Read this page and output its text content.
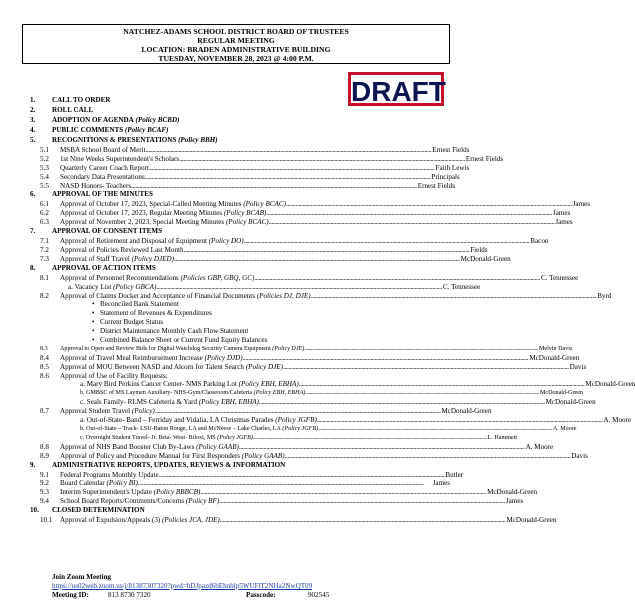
NATCHEZ-ADAMS SCHOOL DISTRICT BOARD OF TRUSTEES
REGULAR MEETING
LOCATION: BRADEN ADMINISTRATIVE BUILDING
TUESDAY, NOVEMBER 28, 2023 @ 4:00 P.M.
DRAFT
1.	CALL TO ORDER
2.	ROLL CALL
3.	ADOPTION OF AGENDA (Policy BCBD)
4.	PUBLIC COMMENTS (Policy BCAF)
5.	RECOGNITIONS & PRESENTATIONS (Policy BBH)
5.1	MSBA School Board of Merit .....	Ernest Fields
5.2	1st Nine Weeks Superintendent's Scholars .....	Ernest Fields
5.3	Quarterly Career Coach Report .....	Faith Lewis
5.4	Secondary Data Presentations .....	Principals
5.5	NASD Honors- Teachers .....	Ernest Fields
6.	APPROVAL OF THE MINUTES
6.1	Approval of October 17, 2023, Special-Called Meeting Minutes (Policy BCAC) .....	James
6.2	Approval of October 17, 2023, Regular Meeting Minutes (Policy BCAB) .....	James
6.3	Approval of November 2, 2023, Special Meeting Minutes (Policy BCAC) .....	James
7.	APPROVAL OF CONSENT ITEMS
7.1	Approval of Retirement and Disposal of Equipment (Policy DO) .....	Bacon
7.2	Approval of Policies Reviewed Last Month .....	Fields
7.3	Approval of Staff Travel (Policy DJED) .....	McDonald-Green
8.	APPROVAL OF ACTION ITEMS
8.1	Approval of Personnel Recommendations (Policies GBP, GBQ, GC) .....	C. Tennessee
a. Vacancy List (Policy GBCA) .....	C. Tennessee
8.2	Approval of Claims Docket and Acceptance of Financial Documents (Policies DJ, DJE) .....	Byrd
• Reconciled Bank Statement
• Statement of Revenues & Expenditures
• Current Budget Status
• District Maintenance Monthly Cash Flow Statement
• Combined Balance Sheet or Current Fund Equity Balances
8.3	Approval to Open and Review Bids for Digital Watchdog Security Camera Equipment (Policy DJE) .....	Melvin Davis
8.4	Approval of Travel Meal Reimbursement Increase (Policy DJD) .....	McDonald-Green
8.5	Approval of MOU Between NASD and Alcorn for Talent Search (Policy DJE) .....	Davis
8.6	Approval of Use of Facility Requests:
a. Mary Bird Perkins Cancer Center- NMS Parking Lot (Policy EBH, EBHA) .....	McDonald-Green
b. GMBSC of MS Laymen Auxiliary- NHS-Gym/Classroom/Cafeteria (Policy EBH, EBHA) .....	McDonald-Green
c. Seals Family- RLMS Cafeteria & Yard (Policy EBH, EBHA) .....	McDonald-Green
8.7	Approval Student Travel (Policy) .....	McDonald-Green
a. Out-of-State- Band – Ferriday and Vidalia, LA Christmas Parades (Policy JGFB) .....	A. Moore
b. Out-of-State – Track- LSU-Baton Rouge, LA and McNeese – Lake Charles, LA (Policy JGFB) .....	A. Moore
c. Overnight Student Travel- Jr. Beta- West- Biloxi, MS (Policy JGFB) .....	L. Hammett
8.8	Approval of NHS Band Booster Club By-Laws (Policy GAAB) .....	A. Moore
8.9	Approval of Policy and Procedure Manual for First Responders (Policy GAAB) .....	Davis
9.	ADMINISTRATIVE REPORTS, UPDATES, REVIEWS & INFORMATION
9.1	Federal Programs Monthly Update .....	Butler
9.2	Board Calendar (Policy BI) .....	James
9.3	Interim Superintendent's Update (Policy BBBCB) .....	McDonald-Green
9.4	School Board Reports/Comments/Concerns (Policy BF) .....	James
10.	CLOSED DETERMINATION
10.1	Approval of Expulsion/Appeals (3) (Policies JCA, JDE) .....	McDonald-Green
Join Zoom Meeting
https://us02web.zoom.us/j/81387307320?pwd=bDJpazd6bEhnblp5WUFlT2NHa2NwQT09
Meeting ID:	813 8730 7320	Passcode:	902545
